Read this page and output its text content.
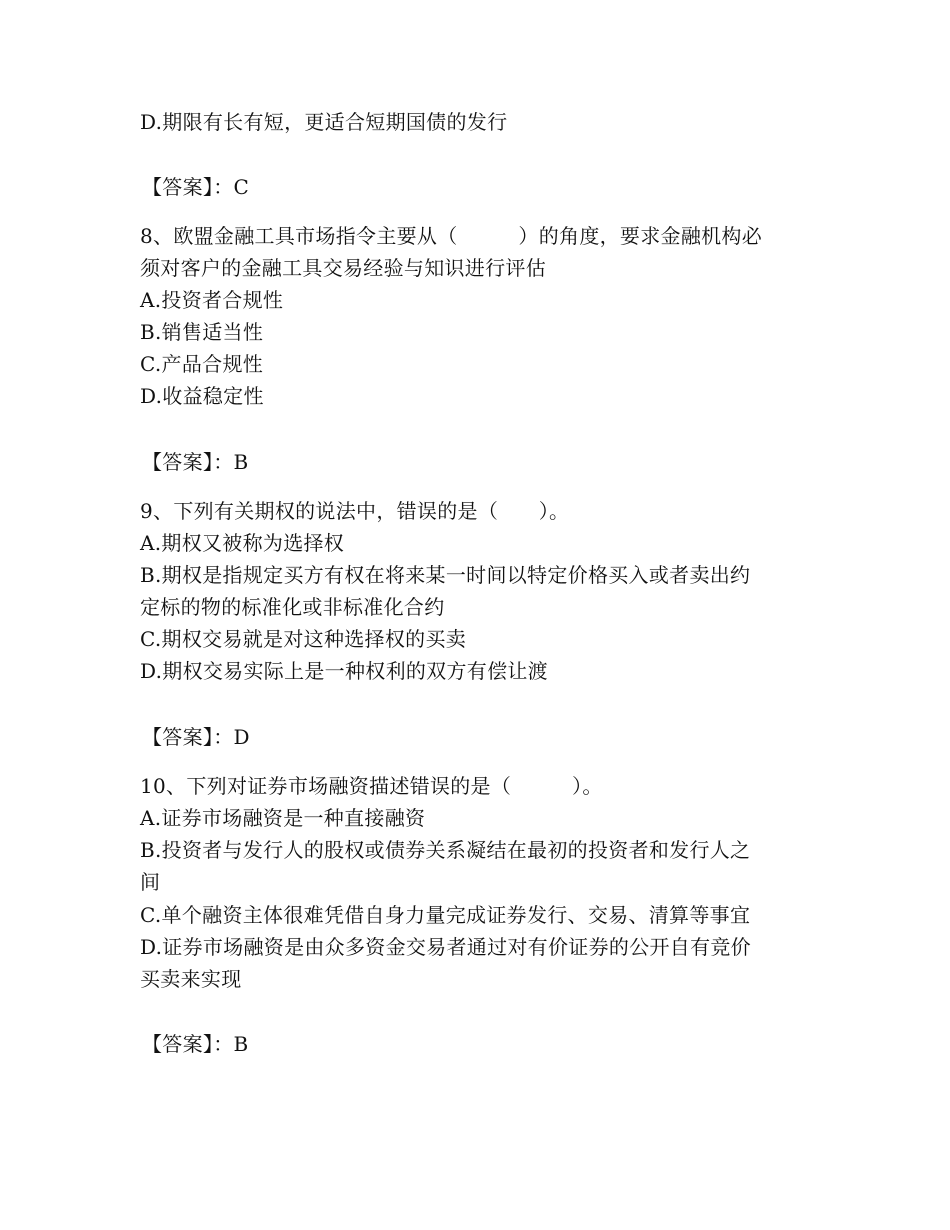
D.期限有长有短，更适合短期国债的发行
【答案】：C
8、欧盟金融工具市场指令主要从（　　　）的角度，要求金融机构必
须对客户的金融工具交易经验与知识进行评估
A.投资者合规性
B.销售适当性
C.产品合规性
D.收益稳定性
【答案】：B
9、下列有关期权的说法中，错误的是（　　）。
A.期权又被称为选择权
B.期权是指规定买方有权在将来某一时间以特定价格买入或者卖出约
定标的物的标准化或非标准化合约
C.期权交易就是对这种选择权的买卖
D.期权交易实际上是一种权利的双方有偿让渡
【答案】：D
10、下列对证券市场融资描述错误的是（　　　）。
A.证券市场融资是一种直接融资
B.投资者与发行人的股权或债券关系凝结在最初的投资者和发行人之
间
C.单个融资主体很难凭借自身力量完成证券发行、交易、清算等事宜
D.证券市场融资是由众多资金交易者通过对有价证券的公开自有竞价
买卖来实现
【答案】：B
